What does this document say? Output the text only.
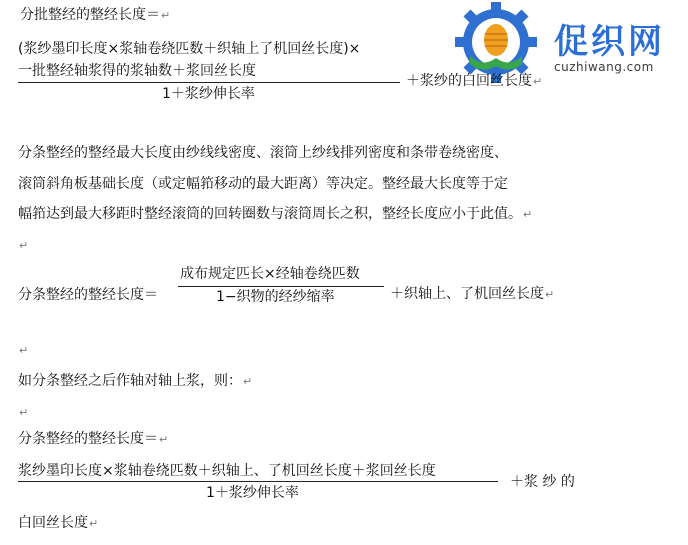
促织网
cuzhiwang.com
分批整经的整经长度＝↵
(浆纱墨印长度×浆轴卷绕匹数＋织轴上了机回丝长度)×
一批整经轴浆得的浆轴数＋浆回丝长度
1＋浆纱伸长率
＋浆纱的白回丝长度↵
分条整经的整经最大长度由纱线线密度、滚筒上纱线排列密度和条带卷绕密度、
滚筒斜角板基础长度（或定幅筘移动的最大距离）等决定。整经最大长度等于定
幅筘达到最大移距时整经滚筒的回转圈数与滚筒周长之积，整经长度应小于此值。↵
↵
成布规定匹长×经轴卷绕匹数
1−织物的经纱缩率
分条整经的整经长度＝	＋织轴上、了机回丝长度↵
↵
如分条整经之后作轴对轴上浆，则：↵
↵
分条整经的整经长度＝↵
浆纱墨印长度×浆轴卷绕匹数＋织轴上、了机回丝长度＋浆回丝长度
1＋浆纱伸长率
＋浆 纱 的
白回丝长度↵
